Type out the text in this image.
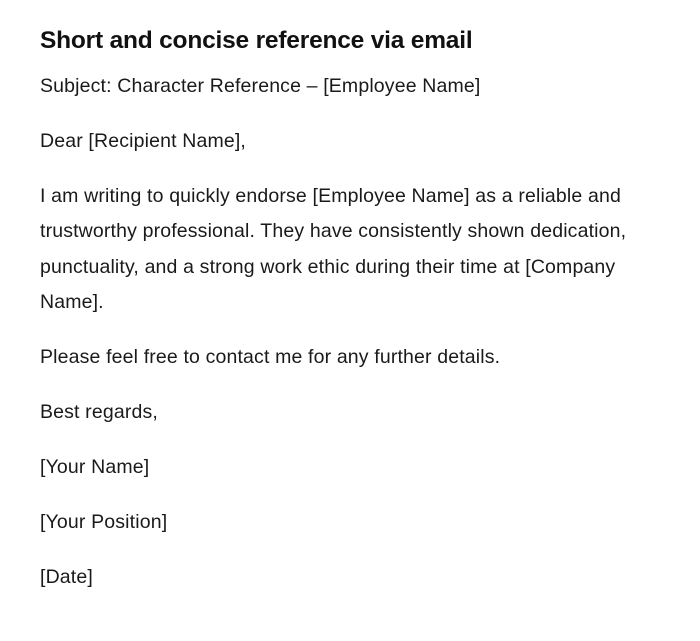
Short and concise reference via email

Subject: Character Reference – [Employee Name]

Dear [Recipient Name],

I am writing to quickly endorse [Employee Name] as a reliable and trustworthy professional. They have consistently shown dedication, punctuality, and a strong work ethic during their time at [Company Name].

Please feel free to contact me for any further details.

Best regards,

[Your Name]

[Your Position]

[Date]
